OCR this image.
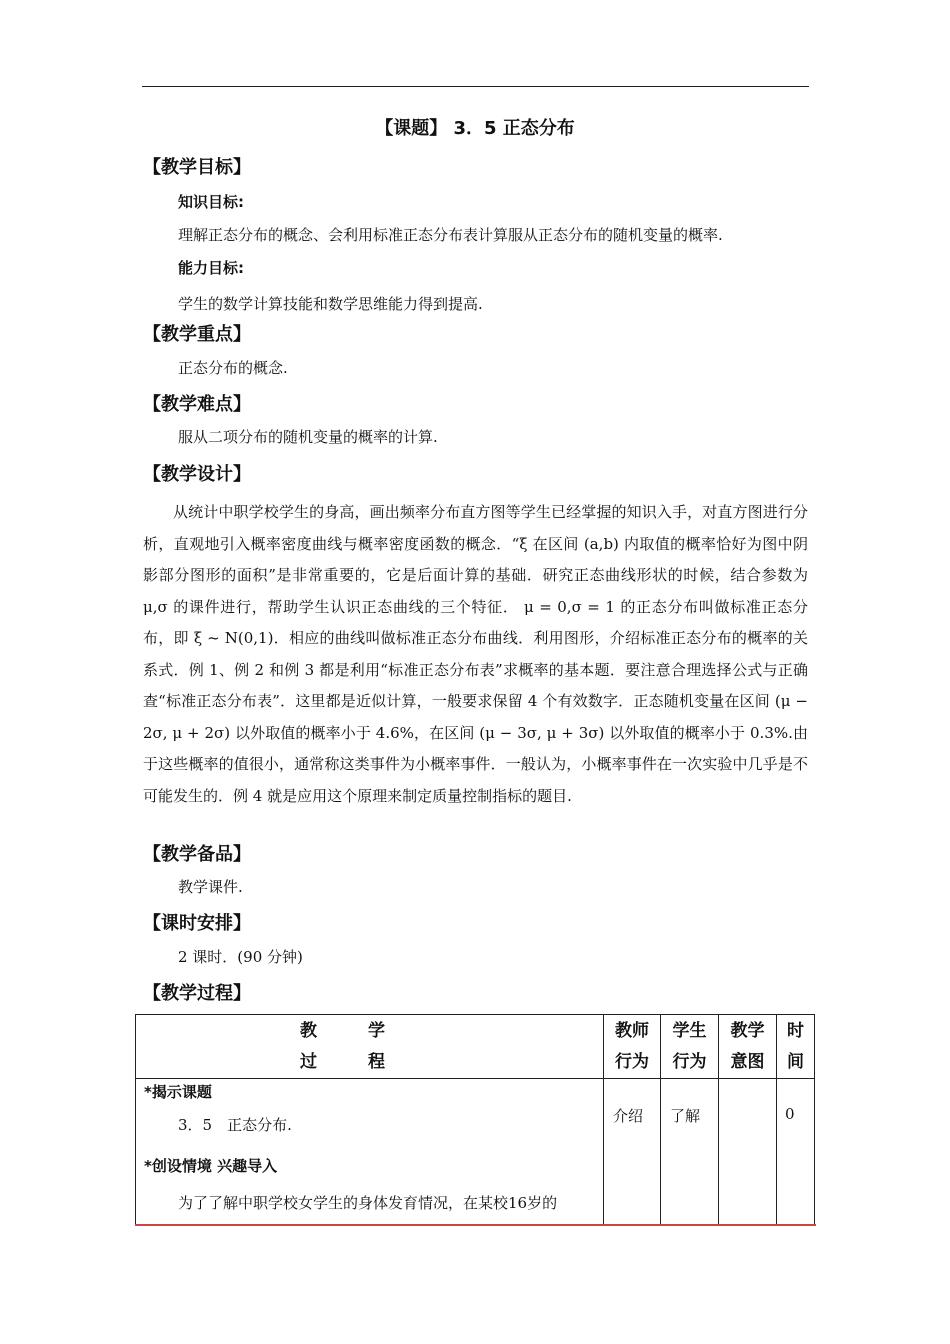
【课题】 3．5 正态分布
【教学目标】
知识目标:
理解正态分布的概念、会利用标准正态分布表计算服从正态分布的随机变量的概率.
能力目标:
学生的数学计算技能和数学思维能力得到提高.
【教学重点】
正态分布的概念.
【教学难点】
服从二项分布的随机变量的概率的计算.
【教学设计】
从统计中职学校学生的身高，画出频率分布直方图等学生已经掌握的知识入手，对直方图进行分析，直观地引入概率密度曲线与概率密度函数的概念．“ξ 在区间 (a,b) 内取值的概率恰好为图中阴影部分图形的面积”是非常重要的，它是后面计算的基础．研究正态曲线形状的时候，结合参数为 μ,σ 的课件进行，帮助学生认识正态曲线的三个特征． μ = 0,σ = 1 的正态分布叫做标准正态分布，即 ξ ~ N(0,1)．相应的曲线叫做标准正态分布曲线．利用图形，介绍标准正态分布的概率的关系式．例 1、例 2 和例 3 都是利用“标准正态分布表”求概率的基本题．要注意合理选择公式与正确查“标准正态分布表”．这里都是近似计算，一般要求保留 4 个有效数字．正态随机变量在区间 (μ − 2σ, μ + 2σ) 以外取值的概率小于 4.6%，在区间 (μ − 3σ, μ + 3σ) 以外取值的概率小于 0.3%.由于这些概率的值很小，通常称这类事件为小概率事件．一般认为，小概率事件在一次实验中几乎是不可能发生的．例 4 就是应用这个原理来制定质量控制指标的题目.
【教学备品】
教学课件.
【课时安排】
2 课时．(90 分钟)
【教学过程】
教　　　学
过　　　程	教师行为	学生行为	教学意图	时间

*揭示课题
3．5　正态分布.
*创设情境 兴趣导入
为了了解中职学校女学生的身体发育情况，在某校16岁的	介绍	了解		0
